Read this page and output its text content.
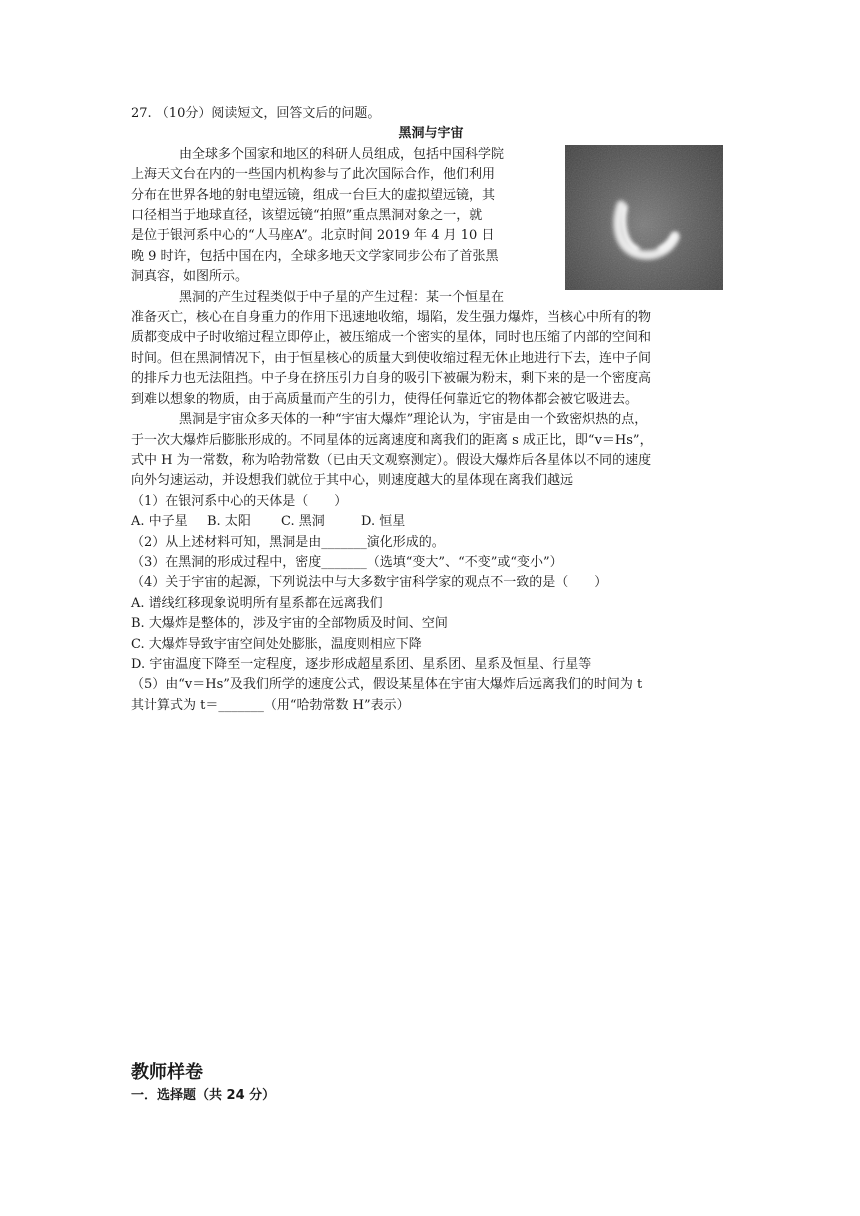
27. （10分）阅读短文，回答文后的问题。
黑洞与宇宙
由全球多个国家和地区的科研人员组成，包括中国科学院
上海天文台在内的一些国内机构参与了此次国际合作，他们利用
分布在世界各地的射电望远镜，组成一台巨大的虚拟望远镜，其
口径相当于地球直径，该望远镜“拍照”重点黑洞对象之一，就
是位于银河系中心的“人马座A”。北京时间 2019 年 4 月 10 日
晚 9 时许，包括中国在内，全球多地天文学家同步公布了首张黑
洞真容，如图所示。
黑洞的产生过程类似于中子星的产生过程：某一个恒星在
准备灭亡，核心在自身重力的作用下迅速地收缩，塌陷，发生强力爆炸，当核心中所有的物
质都变成中子时收缩过程立即停止，被压缩成一个密实的星体，同时也压缩了内部的空间和
时间。但在黑洞情况下，由于恒星核心的质量大到使收缩过程无休止地进行下去，连中子间
的排斥力也无法阻挡。中子身在挤压引力自身的吸引下被碾为粉末，剩下来的是一个密度高
到难以想象的物质，由于高质量而产生的引力，使得任何靠近它的物体都会被它吸进去。
黑洞是宇宙众多天体的一种“宇宙大爆炸”理论认为，宇宙是由一个致密炽热的点，
于一次大爆炸后膨胀形成的。不同星体的远离速度和离我们的距离 s 成正比，即“v＝Hs”，
式中 H 为一常数，称为哈勃常数（已由天文观察测定）。假设大爆炸后各星体以不同的速度
向外匀速运动，并设想我们就位于其中心，则速度越大的星体现在离我们越远
（1）在银河系中心的天体是（　　）
A. 中子星 B. 太阳 C. 黑洞	D. 恒星
（2）从上述材料可知，黑洞是由_______演化形成的。
（3）在黑洞的形成过程中，密度_______（选填“变大”、“不变”或“变小”）
（4）关于宇宙的起源，下列说法中与大多数宇宙科学家的观点不一致的是（　　）
A. 谱线红移现象说明所有星系都在远离我们
B. 大爆炸是整体的，涉及宇宙的全部物质及时间、空间
C. 大爆炸导致宇宙空间处处膨胀，温度则相应下降
D. 宇宙温度下降至一定程度，逐步形成超星系团、星系团、星系及恒星、行星等
（5）由“v＝Hs”及我们所学的速度公式，假设某星体在宇宙大爆炸后远离我们的时间为 t
其计算式为 t＝_______（用“哈勃常数 H”表示）
教师样卷
一．选择题（共 24 分）
